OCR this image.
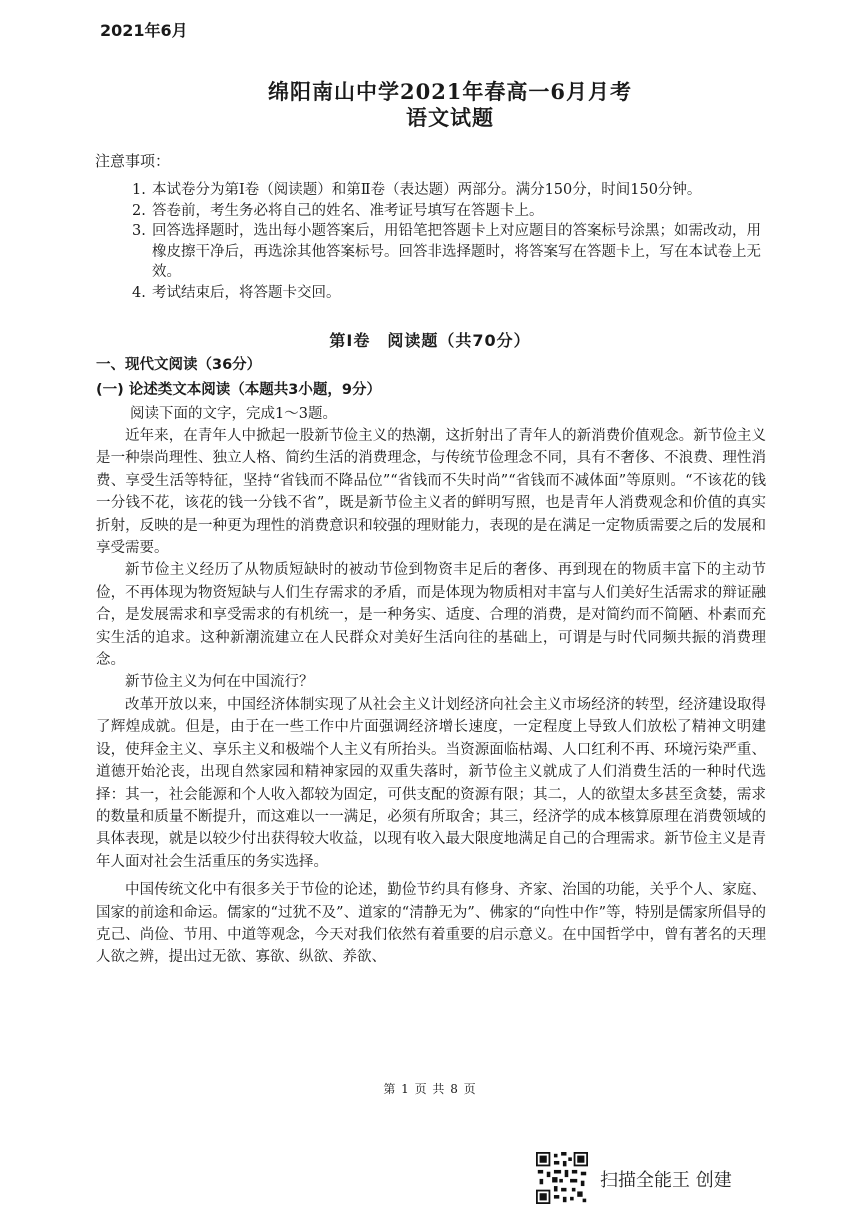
2021年6月
绵阳南山中学2021年春高一6月月考
语文试题
注意事项：
1. 本试卷分为第Ⅰ卷（阅读题）和第Ⅱ卷（表达题）两部分。满分150分，时间150分钟。
2. 答卷前，考生务必将自己的姓名、准考证号填写在答题卡上。
3. 回答选择题时，选出每小题答案后，用铅笔把答题卡上对应题目的答案标号涂黑；如需改动，用橡皮擦干净后，再选涂其他答案标号。回答非选择题时，将答案写在答题卡上，写在本试卷上无效。
4. 考试结束后，将答题卡交回。
第Ⅰ卷　阅读题（共70分）
一、现代文阅读（36分）
(一) 论述类文本阅读（本题共3小题，9分）
阅读下面的文字，完成1～3题。

近年来，在青年人中掀起一股新节俭主义的热潮，这折射出了青年人的新消费价值观念。新节俭主义是一种崇尚理性、独立人格、简约生活的消费理念，与传统节俭理念不同，具有不奢侈、不浪费、理性消费、享受生活等特征，坚持“省钱而不降品位”“省钱而不失时尚”“省钱而不减体面”等原则。“不该花的钱一分钱不花，该花的钱一分钱不省”，既是新节俭主义者的鲜明写照，也是青年人消费观念和价值的真实折射，反映的是一种更为理性的消费意识和较强的理财能力，表现的是在满足一定物质需要之后的发展和享受需要。

新节俭主义经历了从物质短缺时的被动节俭到物资丰足后的奢侈、再到现在的物质丰富下的主动节俭，不再体现为物资短缺与人们生存需求的矛盾，而是体现为物质相对丰富与人们美好生活需求的辩证融合，是发展需求和享受需求的有机统一，是一种务实、适度、合理的消费，是对简约而不简陋、朴素而充实生活的追求。这种新潮流建立在人民群众对美好生活向往的基础上，可谓是与时代同频共振的消费理念。

新节俭主义为何在中国流行？

改革开放以来，中国经济体制实现了从社会主义计划经济向社会主义市场经济的转型，经济建设取得了辉煌成就。但是，由于在一些工作中片面强调经济增长速度，一定程度上导致人们放松了精神文明建设，使拜金主义、享乐主义和极端个人主义有所抬头。当资源面临枯竭、人口红利不再、环境污染严重、道德开始沦丧，出现自然家园和精神家园的双重失落时，新节俭主义就成了人们消费生活的一种时代选择：其一，社会能源和个人收入都较为固定，可供支配的资源有限；其二，人的欲望太多甚至贪婪，需求的数量和质量不断提升，而这难以一一满足，必须有所取舍；其三，经济学的成本核算原理在消费领域的具体表现，就是以较少付出获得较大收益，以现有收入最大限度地满足自己的合理需求。新节俭主义是青年人面对社会生活重压的务实选择。

中国传统文化中有很多关于节俭的论述，勤俭节约具有修身、齐家、治国的功能，关乎个人、家庭、国家的前途和命运。儒家的“过犹不及”、道家的“清静无为”、佛家的“向性中作”等，特别是儒家所倡导的克己、尚俭、节用、中道等观念，今天对我们依然有着重要的启示意义。在中国哲学中，曾有著名的天理人欲之辨，提出过无欲、寡欲、纵欲、养欲、

第 1 页 共 8 页
扫描全能王 创建
